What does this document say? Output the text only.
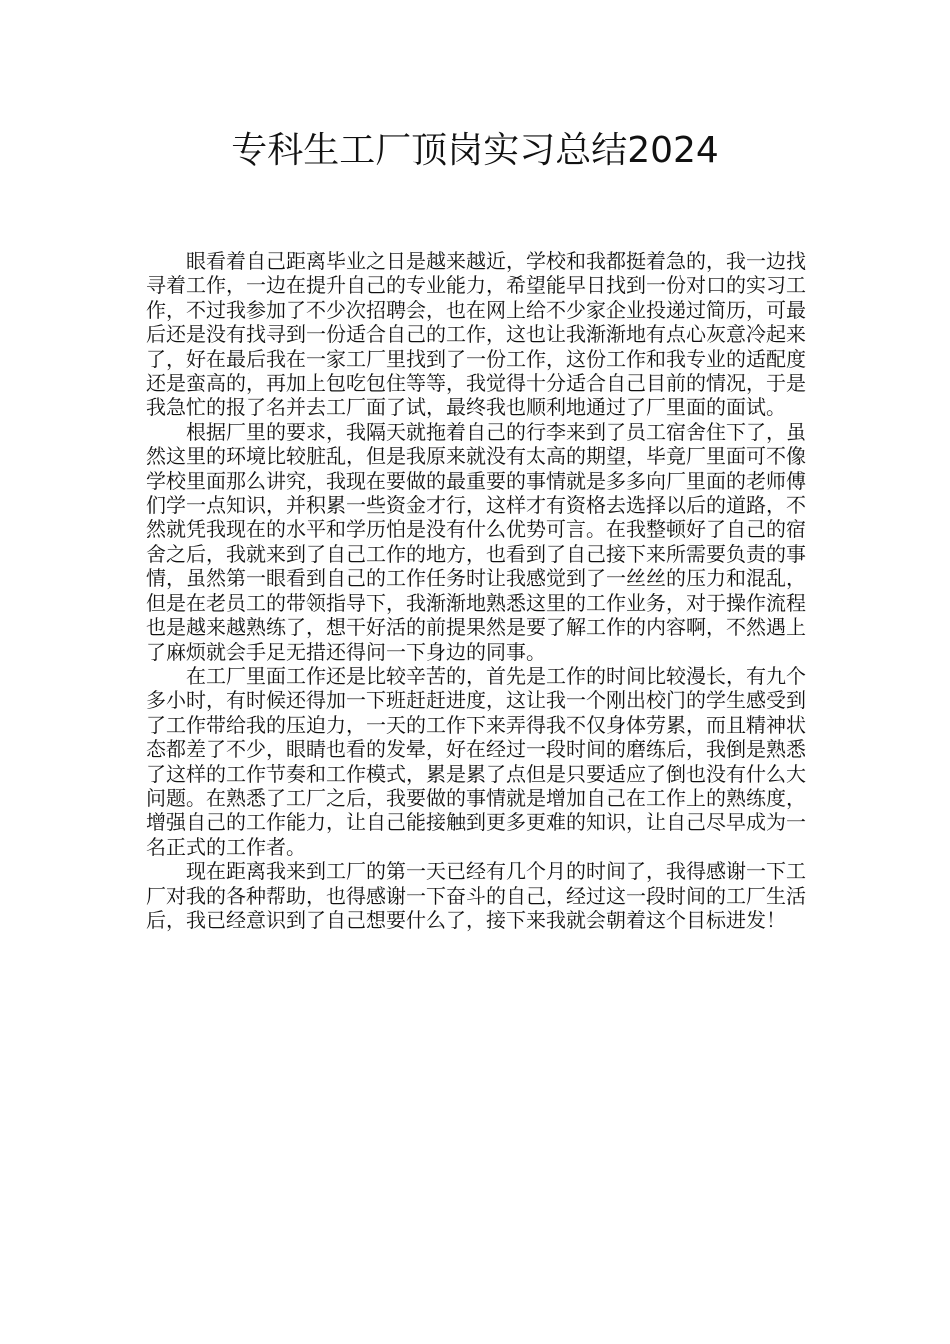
专科生工厂顶岗实习总结2024

眼看着自己距离毕业之日是越来越近，学校和我都挺着急的，我一边找寻着工作，一边在提升自己的专业能力，希望能早日找到一份对口的实习工作，不过我参加了不少次招聘会，也在网上给不少家企业投递过简历，可最后还是没有找寻到一份适合自己的工作，这也让我渐渐地有点心灰意冷起来了，好在最后我在一家工厂里找到了一份工作，这份工作和我专业的适配度还是蛮高的，再加上包吃包住等等，我觉得十分适合自己目前的情况，于是我急忙的报了名并去工厂面了试，最终我也顺利地通过了厂里面的面试。

根据厂里的要求，我隔天就拖着自己的行李来到了员工宿舍住下了，虽然这里的环境比较脏乱，但是我原来就没有太高的期望，毕竟厂里面可不像学校里面那么讲究，我现在要做的最重要的事情就是多多向厂里面的老师傅们学一点知识，并积累一些资金才行，这样才有资格去选择以后的道路，不然就凭我现在的水平和学历怕是没有什么优势可言。在我整顿好了自己的宿舍之后，我就来到了自己工作的地方，也看到了自己接下来所需要负责的事情，虽然第一眼看到自己的工作任务时让我感觉到了一丝丝的压力和混乱，但是在老员工的带领指导下，我渐渐地熟悉这里的工作业务，对于操作流程也是越来越熟练了，想干好活的前提果然是要了解工作的内容啊，不然遇上了麻烦就会手足无措还得问一下身边的同事。

在工厂里面工作还是比较辛苦的，首先是工作的时间比较漫长，有九个多小时，有时候还得加一下班赶赶进度，这让我一个刚出校门的学生感受到了工作带给我的压迫力，一天的工作下来弄得我不仅身体劳累，而且精神状态都差了不少，眼睛也看的发晕，好在经过一段时间的磨练后，我倒是熟悉了这样的工作节奏和工作模式，累是累了点但是只要适应了倒也没有什么大问题。在熟悉了工厂之后，我要做的事情就是增加自己在工作上的熟练度，增强自己的工作能力，让自己能接触到更多更难的知识，让自己尽早成为一名正式的工作者。

现在距离我来到工厂的第一天已经有几个月的时间了，我得感谢一下工厂对我的各种帮助，也得感谢一下奋斗的自己，经过这一段时间的工厂生活后，我已经意识到了自己想要什么了，接下来我就会朝着这个目标进发！
